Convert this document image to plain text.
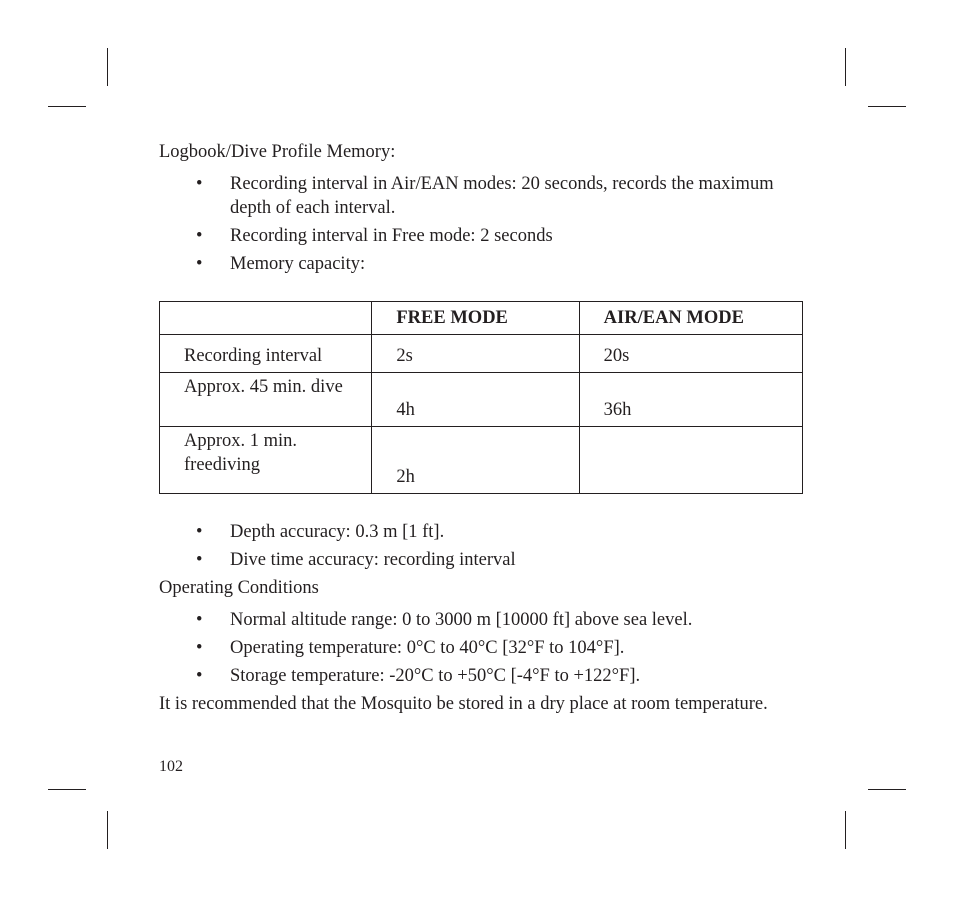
Logbook/Dive Profile Memory:

• Recording interval in Air/EAN modes: 20 seconds, records the maximum depth of each interval.
• Recording interval in Free mode: 2 seconds
• Memory capacity:
	FREE MODE	AIR/EAN MODE
Recording interval	2s	20s
Approx. 45 min. dive	4h	36h
Approx. 1 min. freediving	2h	
• Depth accuracy: 0.3 m [1 ft].
• Dive time accuracy: recording interval

Operating Conditions

• Normal altitude range: 0 to 3000 m [10000 ft] above sea level.
• Operating temperature: 0°C to 40°C [32°F to 104°F].
• Storage temperature: -20°C to +50°C [-4°F to +122°F].

It is recommended that the Mosquito be stored in a dry place at room temperature.

102
